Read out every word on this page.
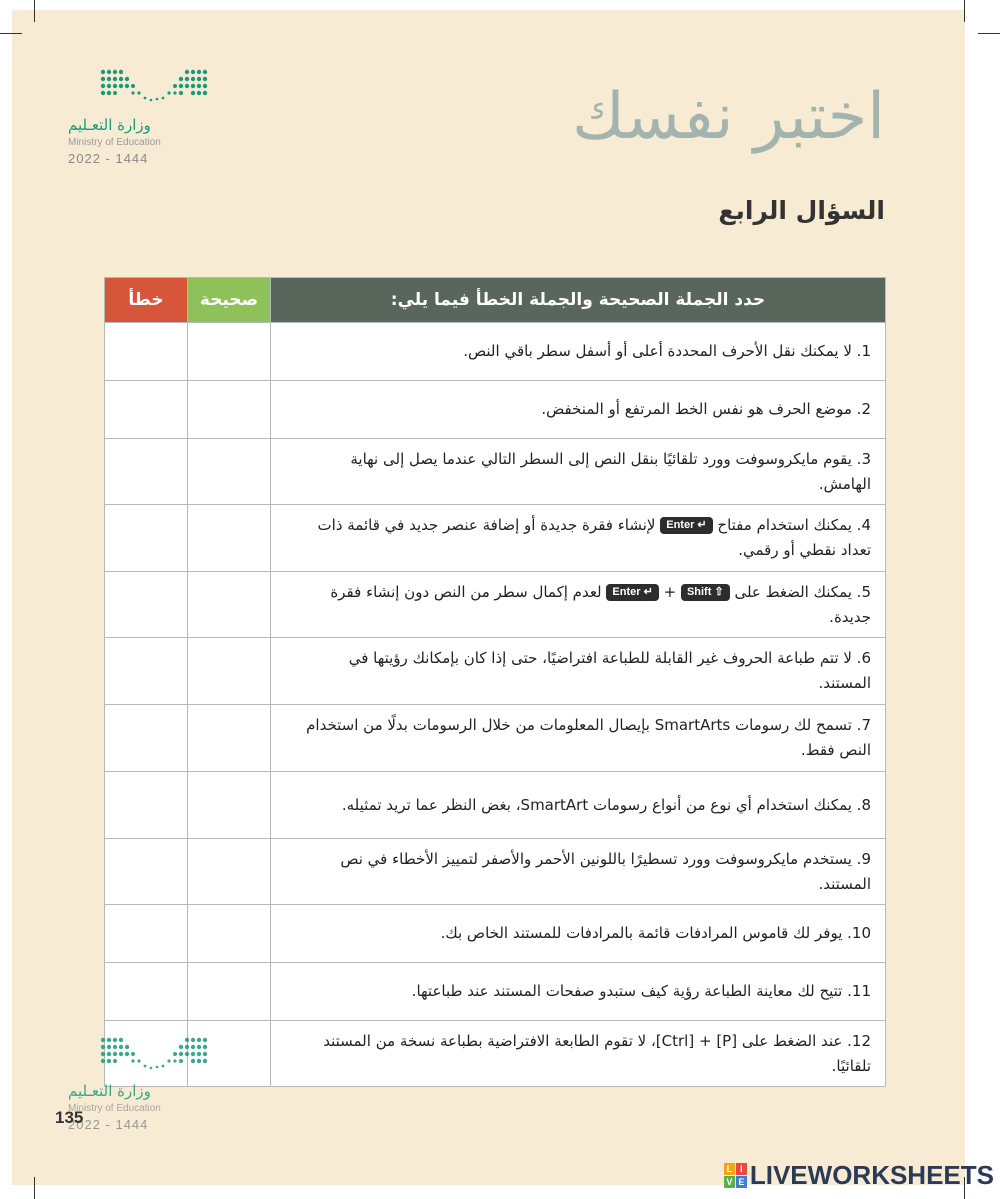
وزارة التعـليم
Ministry of Education
2022 - 1444
اختبر نفسك
السؤال الرابع
حدد الجملة الصحيحة والجملة الخطأ فيما يلي:	صحيحة	خطأ
1. لا يمكنك نقل الأحرف المحددة أعلى أو أسفل سطر باقي النص.		
2. موضع الحرف هو نفس الخط المرتفع أو المنخفض.		
3. يقوم مايكروسوفت وورد تلقائيًا بنقل النص إلى السطر التالي عندما يصل إلى نهاية الهامش.		
4. يمكنك استخدام مفتاح Enter ↵ لإنشاء فقرة جديدة أو إضافة عنصر جديد في قائمة ذات تعداد نقطي أو رقمي.		
5. يمكنك الضغط على Shift ⇧ + Enter ↵ لعدم إكمال سطر من النص دون إنشاء فقرة جديدة.		
6. لا تتم طباعة الحروف غير القابلة للطباعة افتراضيًا، حتى إذا كان بإمكانك رؤيتها في المستند.		
7. تسمح لك رسومات SmartArts بإيصال المعلومات من خلال الرسومات بدلًا من استخدام النص فقط.		
8. يمكنك استخدام أي نوع من أنواع رسومات SmartArt، بغض النظر عما تريد تمثيله.		
9. يستخدم مايكروسوفت وورد تسطيرًا باللونين الأحمر والأصفر لتمييز الأخطاء في نص المستند.		
10. يوفر لك قاموس المرادفات قائمة بالمرادفات للمستند الخاص بك.		
11. تتيح لك معاينة الطباعة رؤية كيف ستبدو صفحات المستند عند طباعتها.		
12. عند الضغط على [P] + [Ctrl]، لا تقوم الطابعة الافتراضية بطباعة نسخة من المستند تلقائيًا.		
وزارة التعـليم
Ministry of Education
2022 - 1444
135
L I
V E LIVEWORKSHEETS
